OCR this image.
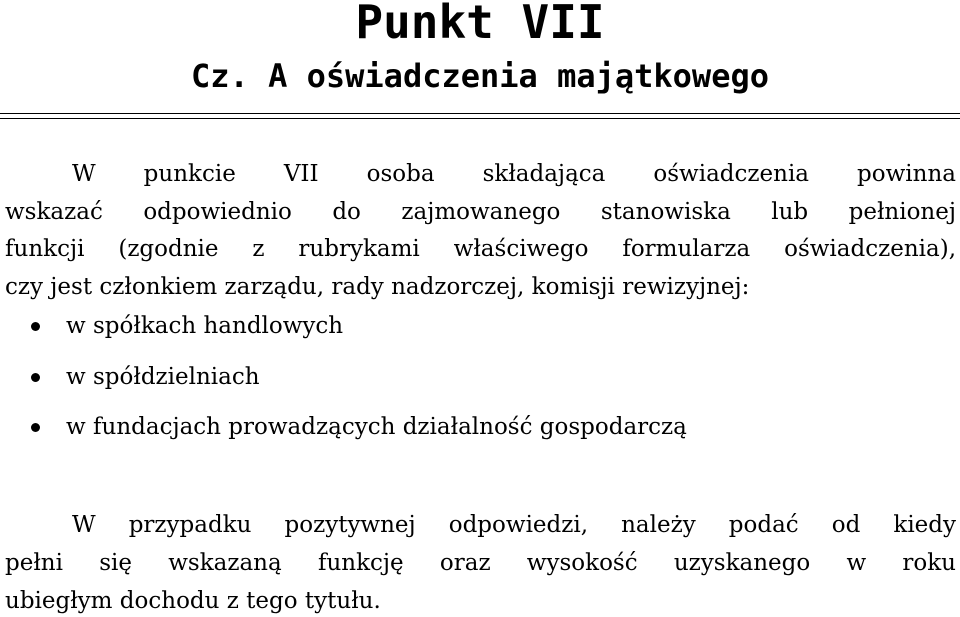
Punkt VII
Cz. A oświadczenia majątkowego
W punkcie VII osoba składająca oświadczenia powinna
wskazać odpowiednio do zajmowanego stanowiska lub pełnionej
funkcji (zgodnie z rubrykami właściwego formularza oświadczenia),
czy jest członkiem zarządu, rady nadzorczej, komisji rewizyjnej:
w spółkach handlowych
w spółdzielniach
w fundacjach prowadzących działalność gospodarczą
W przypadku pozytywnej odpowiedzi, należy podać od kiedy
pełni się wskazaną funkcję oraz wysokość uzyskanego w roku
ubiegłym dochodu z tego tytułu.
